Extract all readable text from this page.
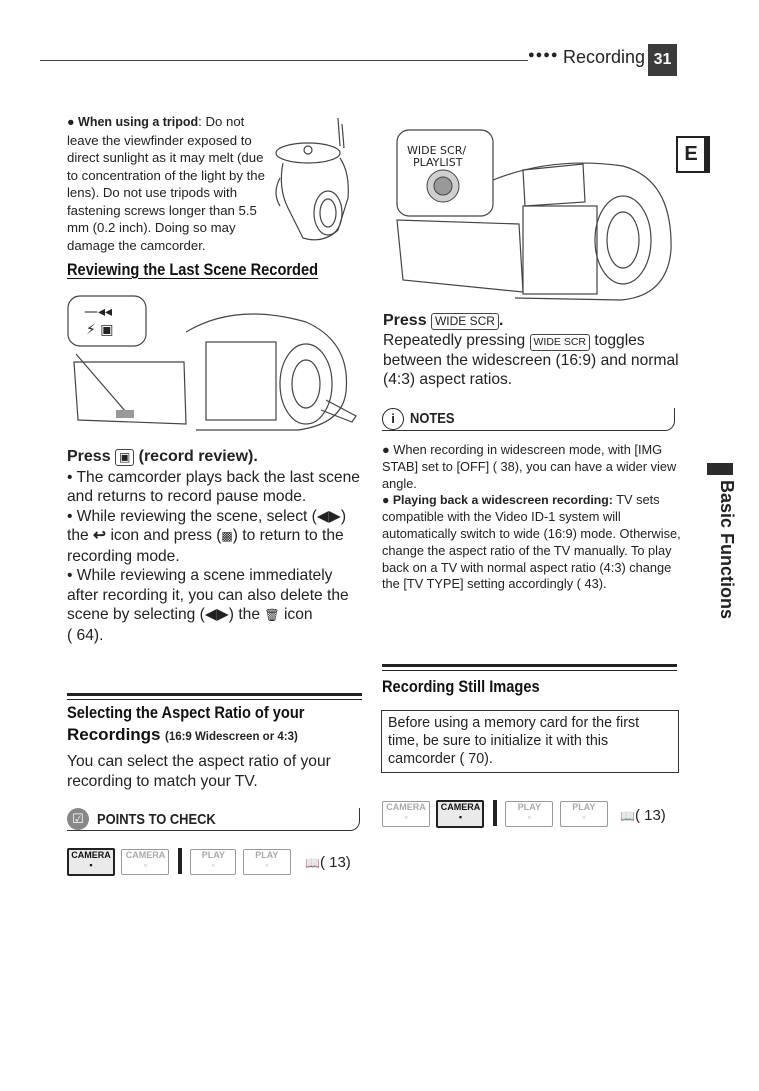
●●●● Recording 31
E
Basic Functions
● When using a tripod: Do not leave the viewfinder exposed to direct sunlight as it may melt (due to concentration of the light by the lens). Do not use tripods with fastening screws longer than 5.5 mm (0.2 inch). Doing so may damage the camcorder.
Reviewing the Last Scene Recorded
—◂◂
⚡ ▣
Press ▣ (record review).
• The camcorder plays back the last scene and returns to record pause mode.
• While reviewing the scene, select (◀▶) the ↩ icon and press (▩) to return to the recording mode.
• While reviewing a scene immediately after recording it, you can also delete the scene by selecting (◀▶) the 🗑 icon
( 64).
WIDE SCR/
PLAYLIST
Press WIDE SCR .
Repeatedly pressing WIDE SCR toggles between the widescreen (16:9) and normal (4:3) aspect ratios.
i	NOTES

● When recording in widescreen mode, with [IMG STAB] set to [OFF] ( 38), you can have a wider view angle.

● Playing back a widescreen recording: TV sets compatible with the Video ID-1 system will automatically switch to wide (16:9) mode. Otherwise, change the aspect ratio of the TV manually. To play back on a TV with normal aspect ratio (4:3) change the [TV TYPE] setting accordingly ( 43).

Selecting the Aspect Ratio of your
Recordings (16:9 Widescreen or 4:3)
You can select the aspect ratio of your recording to match your TV.
☑ POINTS TO CHECK
CAMERA
▪ CAMERA
▫  PLAY
▫ PLAY
▫	📖( 13)
Recording Still Images
Before using a memory card for the first time, be sure to initialize it with this camcorder ( 70).
CAMERA
▫ CAMERA
▪  PLAY
▫ PLAY
▫	📖( 13)
